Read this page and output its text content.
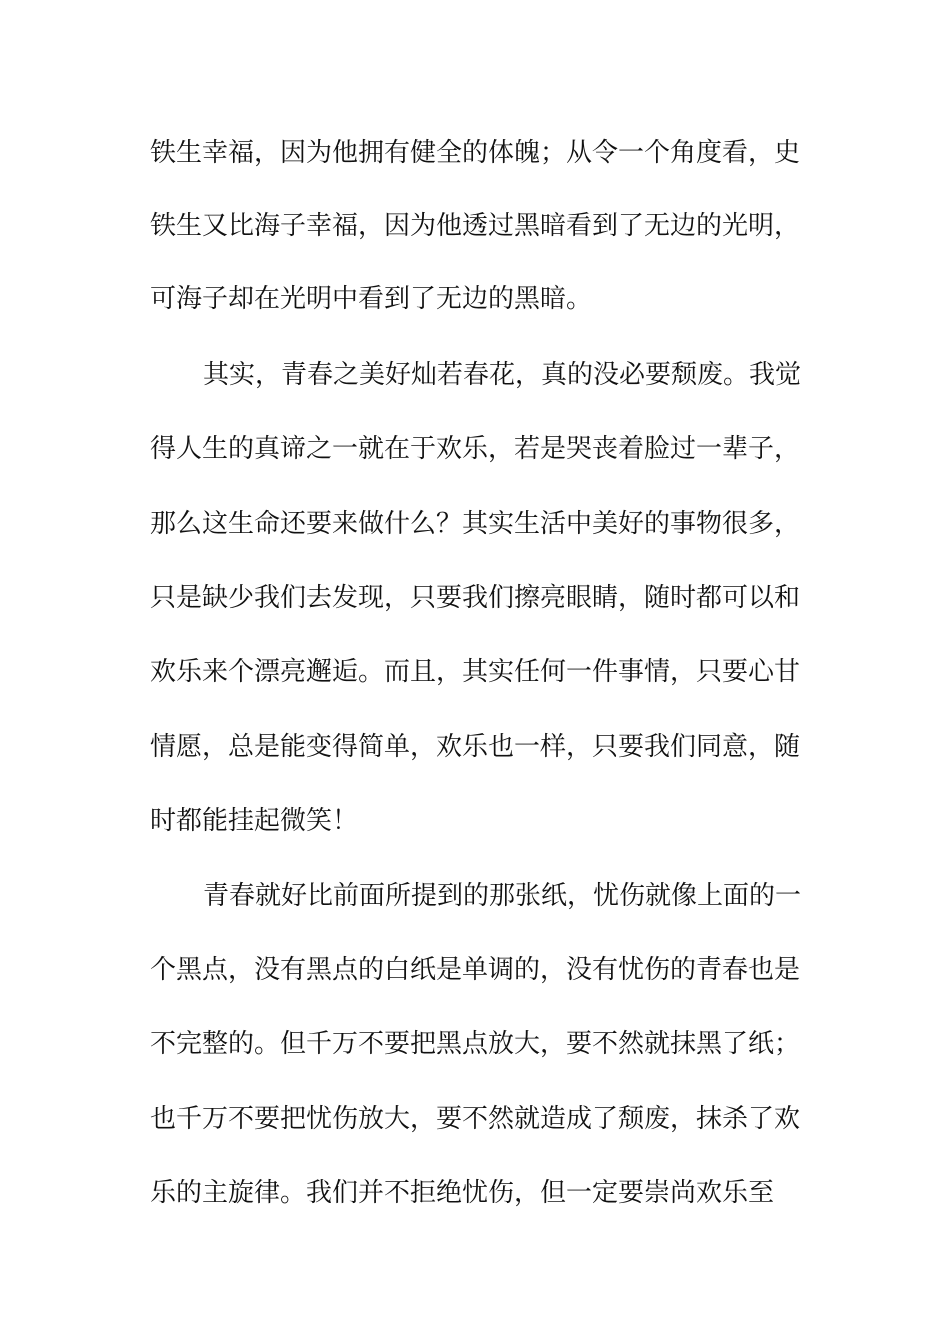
铁生幸福，因为他拥有健全的体魄；从令一个角度看，史
铁生又比海子幸福，因为他透过黑暗看到了无边的光明，
可海子却在光明中看到了无边的黑暗。
其实，青春之美好灿若春花，真的没必要颓废。我觉
得人生的真谛之一就在于欢乐，若是哭丧着脸过一辈子，
那么这生命还要来做什么？其实生活中美好的事物很多，
只是缺少我们去发现，只要我们擦亮眼睛，随时都可以和
欢乐来个漂亮邂逅。而且，其实任何一件事情，只要心甘
情愿，总是能变得简单，欢乐也一样，只要我们同意，随
时都能挂起微笑！
青春就好比前面所提到的那张纸，忧伤就像上面的一
个黑点，没有黑点的白纸是单调的，没有忧伤的青春也是
不完整的。但千万不要把黑点放大，要不然就抹黑了纸；
也千万不要把忧伤放大，要不然就造成了颓废，抹杀了欢
乐的主旋律。我们并不拒绝忧伤，但一定要崇尚欢乐至
